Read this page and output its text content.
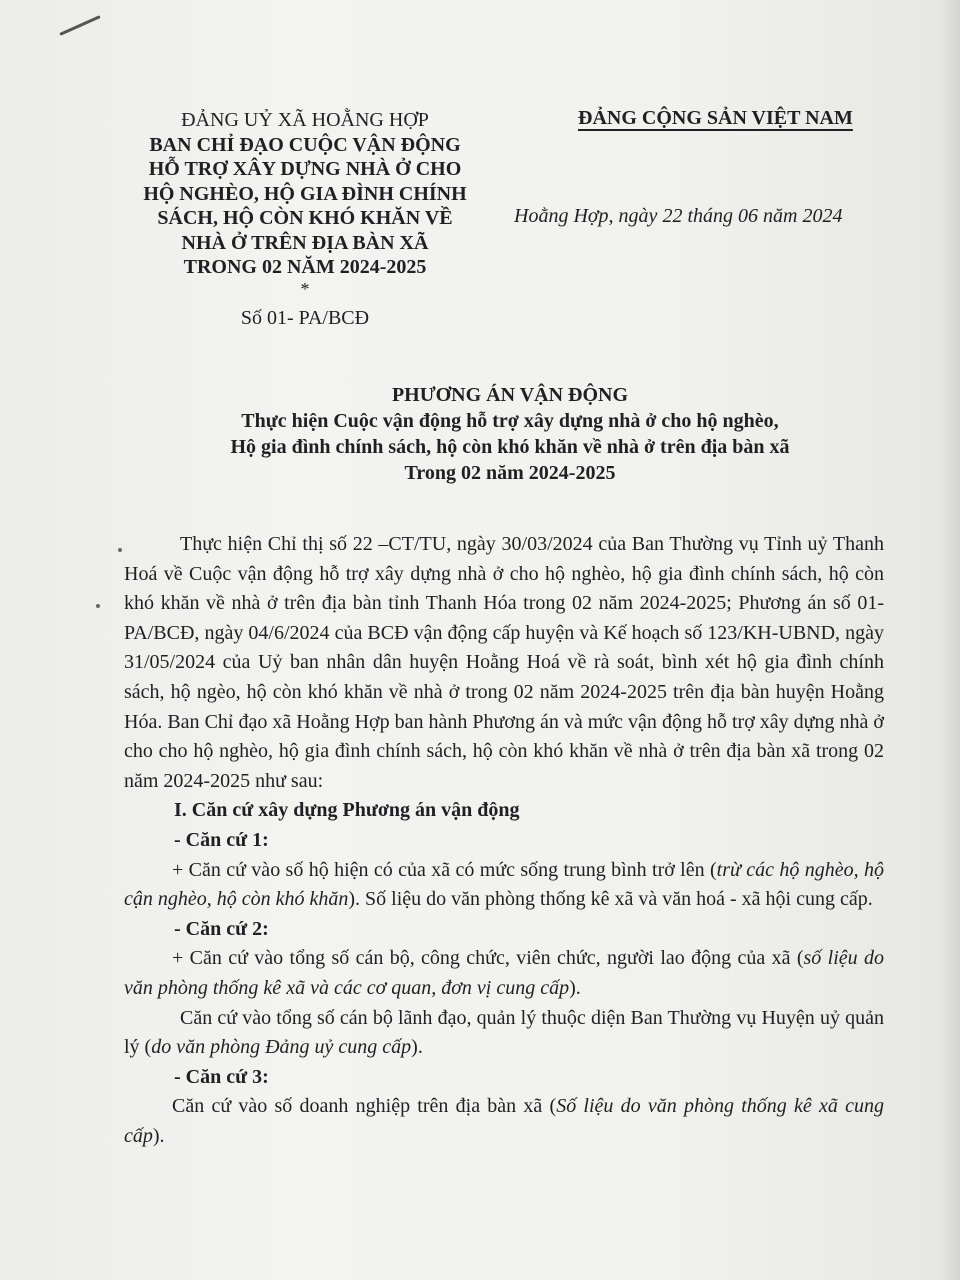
ĐẢNG UỶ XÃ HOẰNG HỢP
BAN CHỈ ĐẠO CUỘC VẬN ĐỘNG
HỖ TRỢ XÂY DỰNG NHÀ Ở CHO
HỘ NGHÈO, HỘ GIA ĐÌNH CHÍNH
SÁCH, HỘ CÒN KHÓ KHĂN VỀ
NHÀ Ở TRÊN ĐỊA BÀN XÃ
TRONG 02 NĂM 2024-2025
*
Số 01- PA/BCĐ
ĐẢNG CỘNG SẢN VIỆT NAM
Hoằng Hợp, ngày 22 tháng 06 năm 2024
PHƯƠNG ÁN VẬN ĐỘNG
Thực hiện Cuộc vận động hỗ trợ xây dựng nhà ở cho hộ nghèo,
Hộ gia đình chính sách, hộ còn khó khăn về nhà ở trên địa bàn xã
Trong 02 năm 2024-2025

Thực hiện Chỉ thị số 22 –CT/TU, ngày 30/03/2024 của Ban Thường vụ Tỉnh uỷ Thanh Hoá về Cuộc vận động hỗ trợ xây dựng nhà ở cho hộ nghèo, hộ gia đình chính sách, hộ còn khó khăn về nhà ở trên địa bàn tỉnh Thanh Hóa trong 02 năm 2024-2025; Phương án số 01-PA/BCĐ, ngày 04/6/2024 của BCĐ vận động cấp huyện và Kế hoạch số 123/KH-UBND, ngày 31/05/2024 của Uỷ ban nhân dân huyện Hoằng Hoá về rà soát, bình xét hộ gia đình chính sách, hộ ngèo, hộ còn khó khăn về nhà ở trong 02 năm 2024-2025 trên địa bàn huyện Hoằng Hóa. Ban Chỉ đạo xã Hoằng Hợp ban hành Phương án và mức vận động hỗ trợ xây dựng nhà ở cho cho hộ nghèo, hộ gia đình chính sách, hộ còn khó khăn về nhà ở trên địa bàn xã trong 02 năm 2024-2025 như sau:

I. Căn cứ xây dựng Phương án vận động

- Căn cứ 1:

+ Căn cứ vào số hộ hiện có của xã có mức sống trung bình trở lên (trừ các hộ nghèo, hộ cận nghèo, hộ còn khó khăn). Số liệu do văn phòng thống kê xã và văn hoá - xã hội cung cấp.

- Căn cứ 2:

+ Căn cứ vào tổng số cán bộ, công chức, viên chức, người lao động của xã (số liệu do văn phòng thống kê xã và các cơ quan, đơn vị cung cấp).

Căn cứ vào tổng số cán bộ lãnh đạo, quản lý thuộc diện Ban Thường vụ Huyện uỷ quản lý (do văn phòng Đảng uỷ cung cấp).

- Căn cứ 3:

Căn cứ vào số doanh nghiệp trên địa bàn xã (Số liệu do văn phòng thống kê xã cung cấp).
